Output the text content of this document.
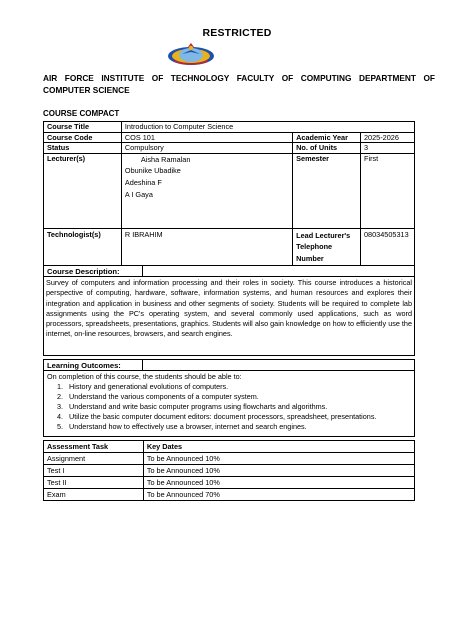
RESTRICTED
AIR FORCE INSTITUTE OF TECHNOLOGY FACULTY OF COMPUTING DEPARTMENT OF COMPUTER SCIENCE
COURSE COMPACT
Course Title	Introduction to Computer Science		
Course Code	COS 101	Academic Year	2025-2026
Status	Compulsory	No. of Units	3
Lecturer(s)	Aisha Ramalan
Obunike Ubadike
Adeshina F
A I Gaya	Semester	First
Technologist(s)	R IBRAHIM	Lead Lecturer's Telephone Number	08034505313
Course Description:
Survey of computers and information processing and their roles in society. This course introduces a historical perspective of computing, hardware, software, information systems, and human resources and explores their integration and application in business and other segments of society. Students will be required to complete lab assignments using the PC's operating system, and several commonly used applications, such as word processors, spreadsheets, presentations, graphics. Students will also gain knowledge on how to efficiently use the internet, on-line resources, browsers, and search engines.
Learning Outcomes:
On completion of this course, the students should be able to:
1. History and generational evolutions of computers.
2. Understand the various components of a computer system.
3. Understand and write basic computer programs using flowcharts and algorithms.
4. Utilize the basic computer document editors: document processors, spreadsheet, presentations.
5. Understand how to effectively use a browser, internet and search engines.
Assessment Task	Key Dates
Assignment	To be Announced 10%
Test I	To be Announced 10%
Test II	To be Announced 10%
Exam	To be Announced 70%
